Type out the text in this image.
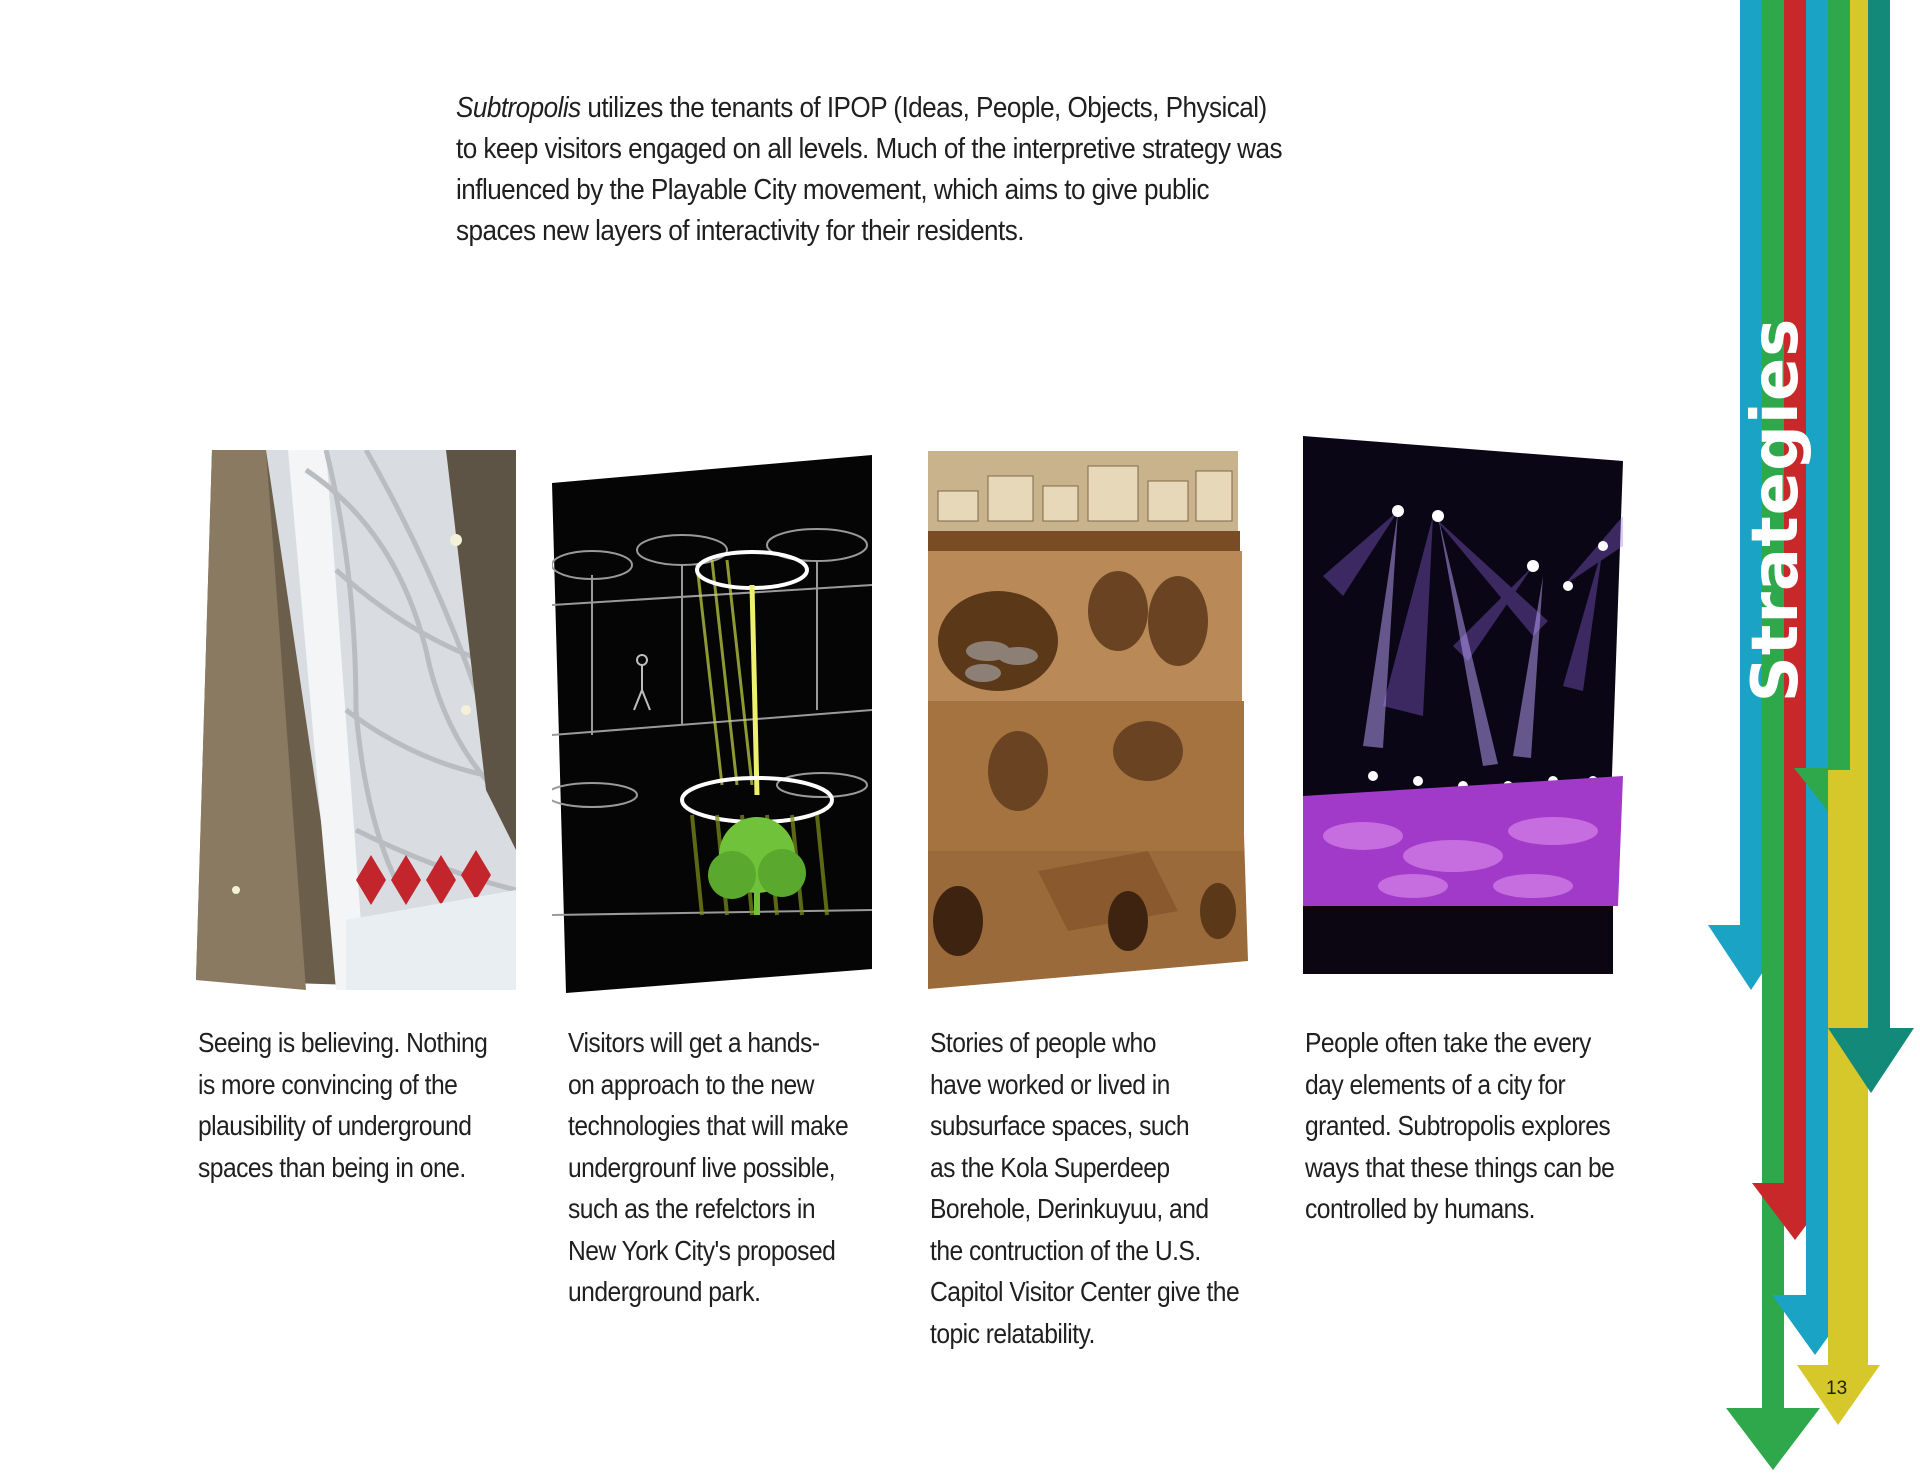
Subtropolis utilizes the tenants of IPOP (Ideas, People, Objects, Physical) to keep visitors engaged on all levels. Much of the interpretive strategy was influenced by the Playable City movement, which aims to give public spaces new layers of interactivity for their residents.

Seeing is believing. Nothing
is more convincing of the
plausibility of underground
spaces than being in one.

Visitors will get a hands-
on approach to the new
technologies that will make
undergrounf live possible,
such as the refelctors in
New York City's proposed
underground park.

Stories of people who
have worked or lived in
subsurface spaces, such
as the Kola Superdeep
Borehole, Derinkuyuu, and
the contruction of the U.S.
Capitol Visitor Center give the
topic relatability.

People often take the every
day elements of a city for
granted. Subtropolis explores
ways that these things can be
controlled by humans.

Strategies
13
